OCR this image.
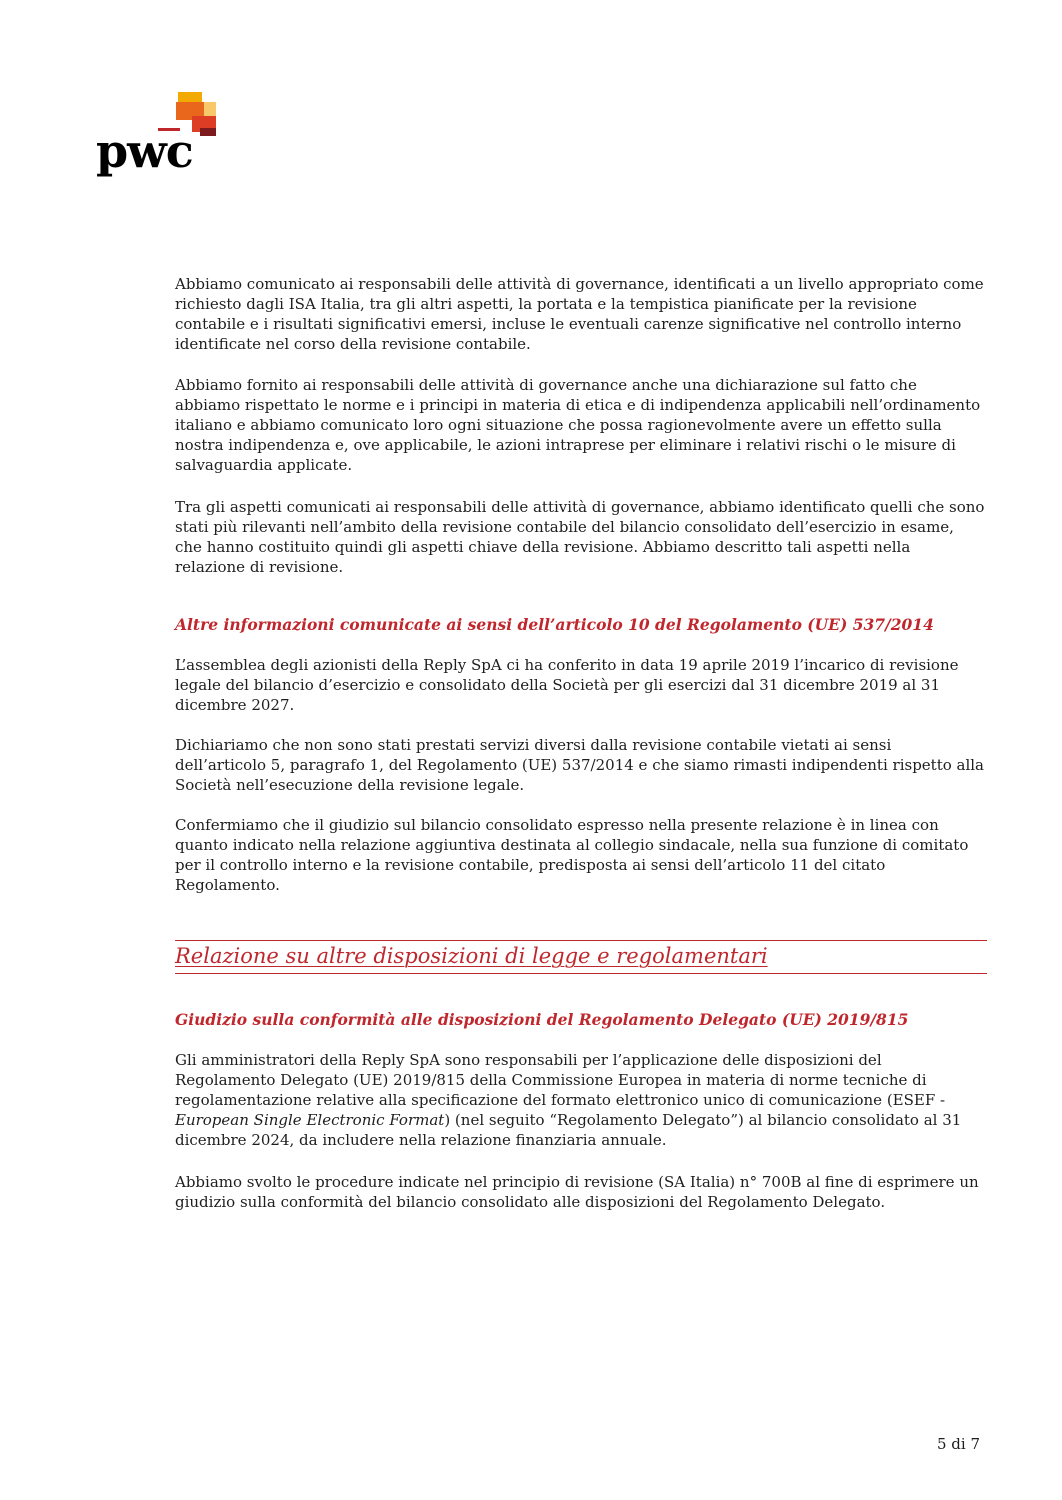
pwc

Abbiamo comunicato ai responsabili delle attività di governance, identificati a un livello appropriato come richiesto dagli ISA Italia, tra gli altri aspetti, la portata e la tempistica pianificate per la revisione contabile e i risultati significativi emersi, incluse le eventuali carenze significative nel controllo interno identificate nel corso della revisione contabile.

Abbiamo fornito ai responsabili delle attività di governance anche una dichiarazione sul fatto che abbiamo rispettato le norme e i principi in materia di etica e di indipendenza applicabili nell’ordinamento italiano e abbiamo comunicato loro ogni situazione che possa ragionevolmente avere un effetto sulla nostra indipendenza e, ove applicabile, le azioni intraprese per eliminare i relativi rischi o le misure di salvaguardia applicate.

Tra gli aspetti comunicati ai responsabili delle attività di governance, abbiamo identificato quelli che sono stati più rilevanti nell’ambito della revisione contabile del bilancio consolidato dell’esercizio in esame, che hanno costituito quindi gli aspetti chiave della revisione. Abbiamo descritto tali aspetti nella relazione di revisione.

Altre informazioni comunicate ai sensi dell’articolo 10 del Regolamento (UE) 537/2014

L’assemblea degli azionisti della Reply SpA ci ha conferito in data 19 aprile 2019 l’incarico di revisione legale del bilancio d’esercizio e consolidato della Società per gli esercizi dal 31 dicembre 2019 al 31 dicembre 2027.

Dichiariamo che non sono stati prestati servizi diversi dalla revisione contabile vietati ai sensi dell’articolo 5, paragrafo 1, del Regolamento (UE) 537/2014 e che siamo rimasti indipendenti rispetto alla Società nell’esecuzione della revisione legale.

Confermiamo che il giudizio sul bilancio consolidato espresso nella presente relazione è in linea con quanto indicato nella relazione aggiuntiva destinata al collegio sindacale, nella sua funzione di comitato per il controllo interno e la revisione contabile, predisposta ai sensi dell’articolo 11 del citato Regolamento.

Relazione su altre disposizioni di legge e regolamentari
Giudizio sulla conformità alle disposizioni del Regolamento Delegato (UE) 2019/815

Gli amministratori della Reply SpA sono responsabili per l’applicazione delle disposizioni del Regolamento Delegato (UE) 2019/815 della Commissione Europea in materia di norme tecniche di regolamentazione relative alla specificazione del formato elettronico unico di comunicazione (ESEF - European Single Electronic Format) (nel seguito “Regolamento Delegato”) al bilancio consolidato al 31 dicembre 2024, da includere nella relazione finanziaria annuale.

Abbiamo svolto le procedure indicate nel principio di revisione (SA Italia) n° 700B al fine di esprimere un giudizio sulla conformità del bilancio consolidato alle disposizioni del Regolamento Delegato.

5 di 7
